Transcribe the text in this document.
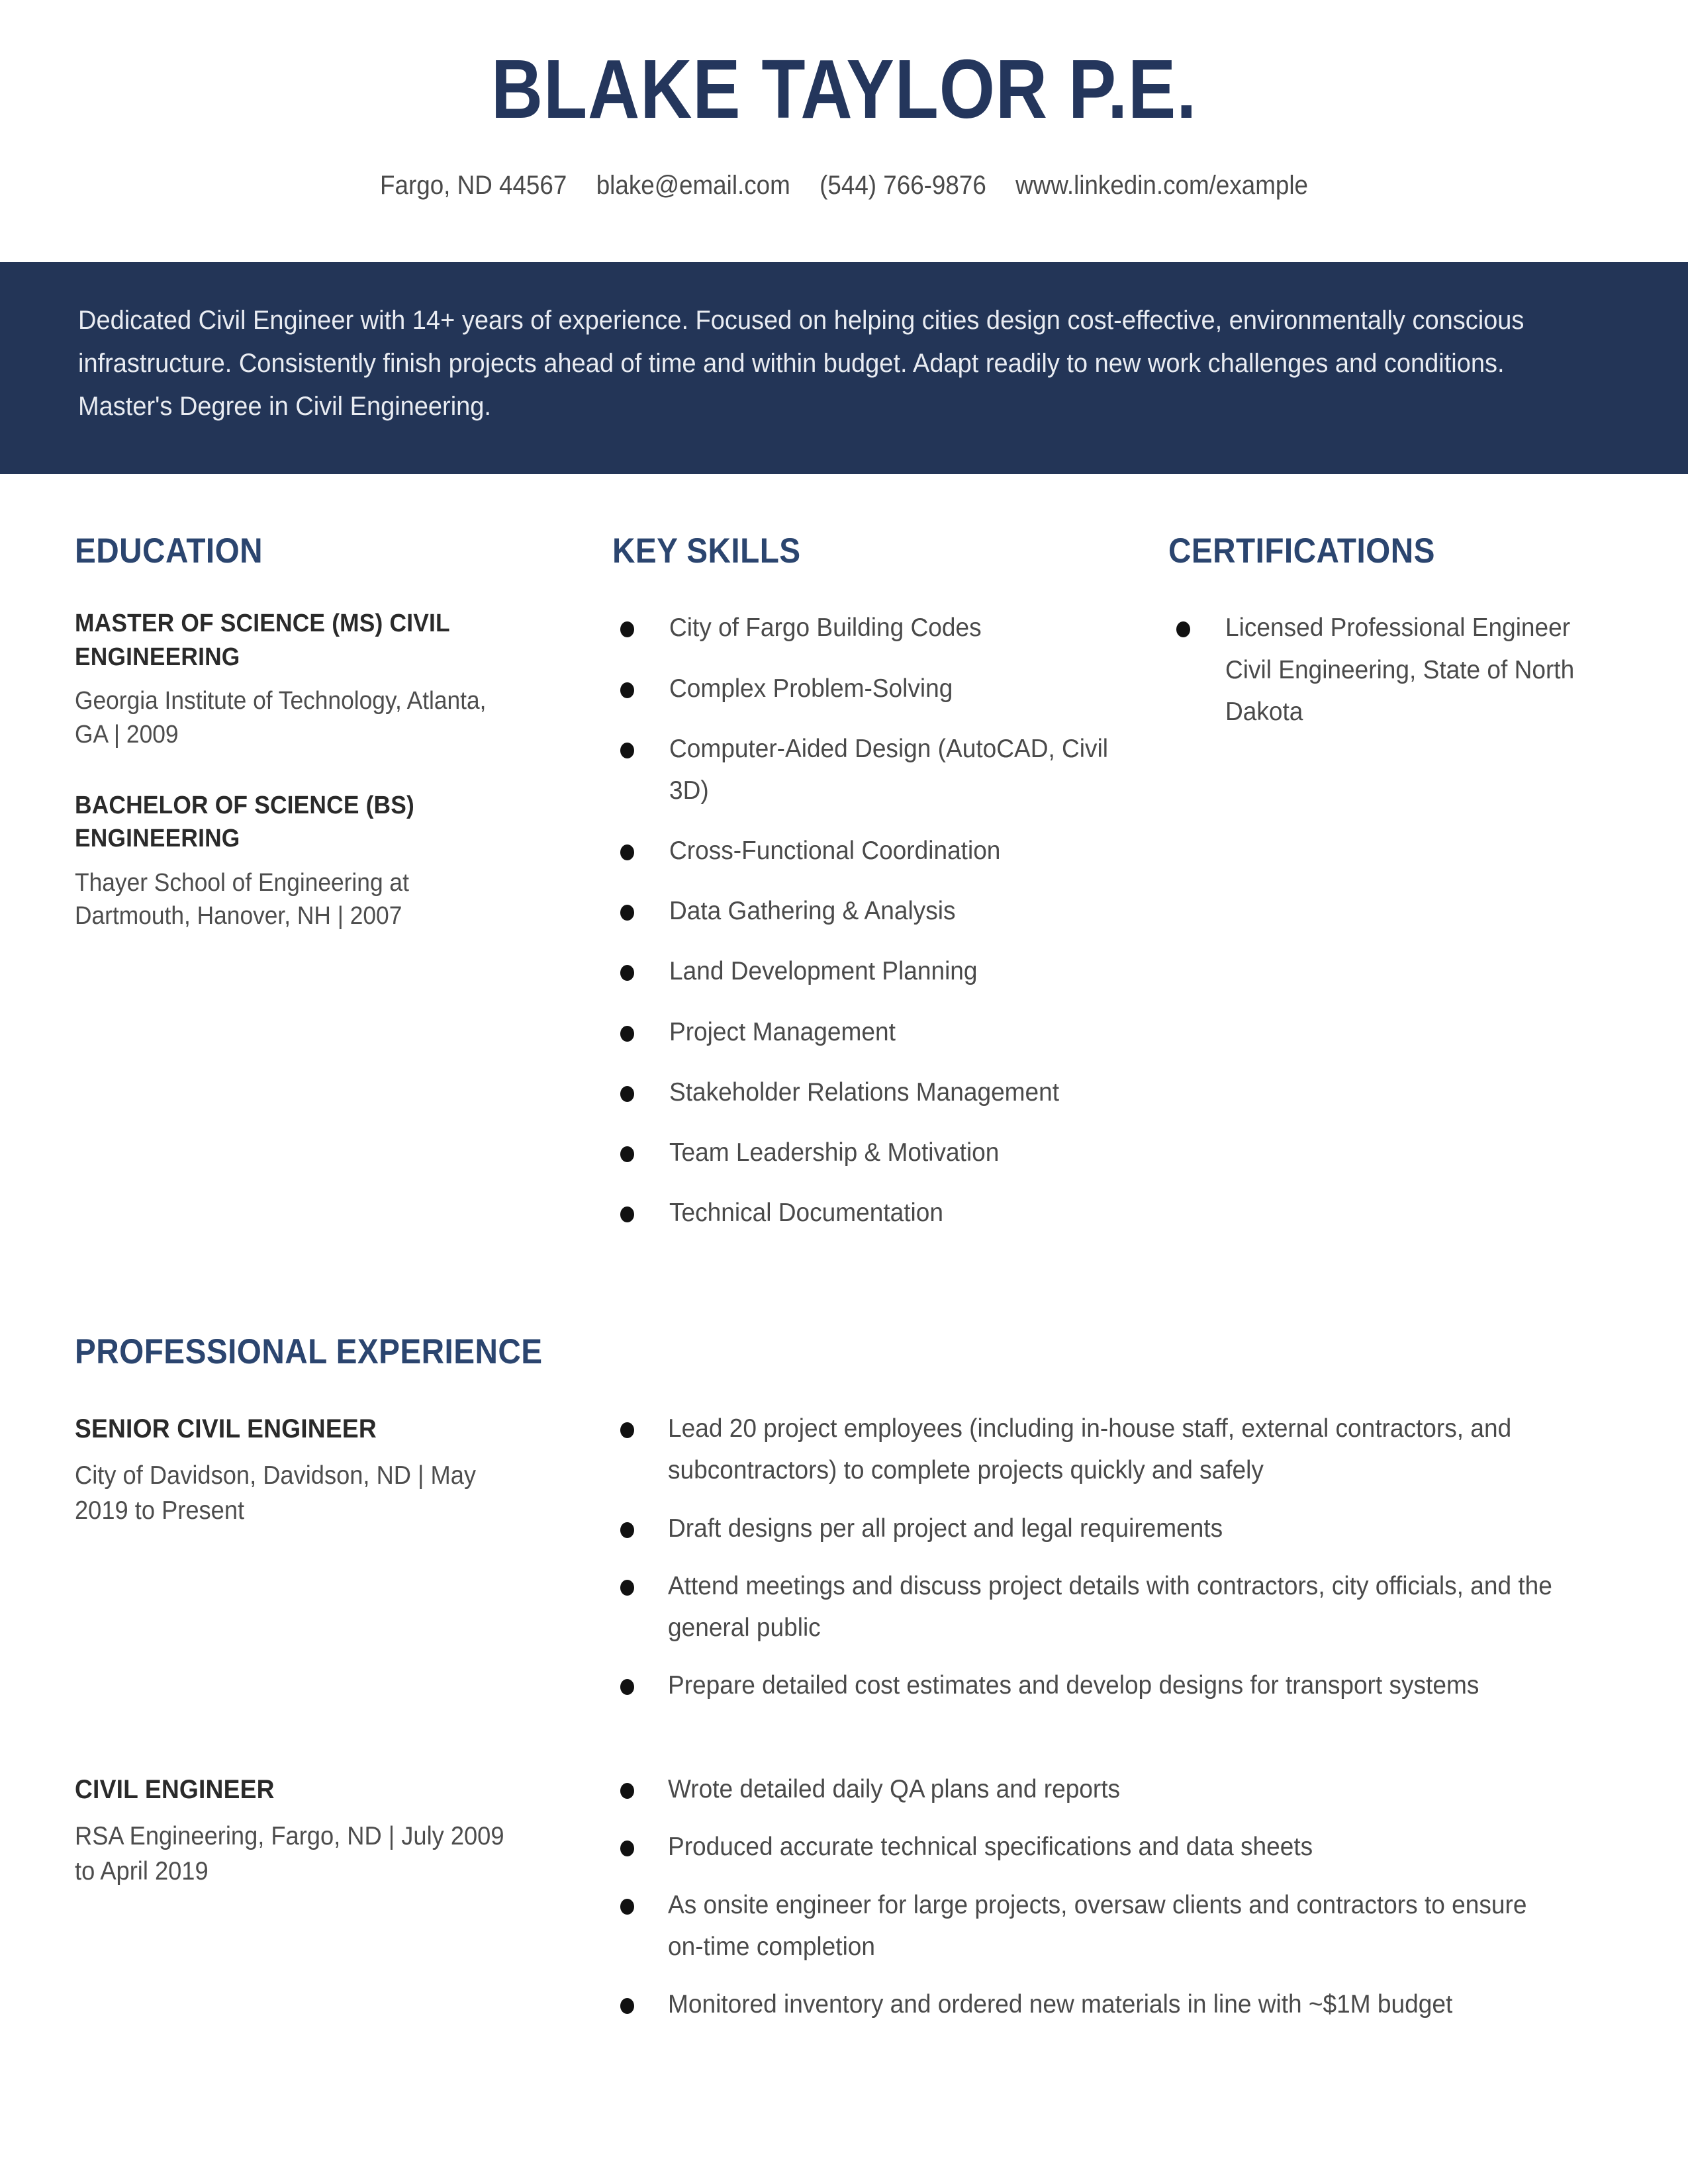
BLAKE TAYLOR P.E.
Fargo, ND 44567 blake@email.com (544) 766-9876 www.linkedin.com/example
Dedicated Civil Engineer with 14+ years of experience. Focused on helping cities design cost-effective, environmentally conscious infrastructure. Consistently finish projects ahead of time and within budget. Adapt readily to new work challenges and conditions. Master's Degree in Civil Engineering.
EDUCATION
MASTER OF SCIENCE (MS) CIVIL ENGINEERING
Georgia Institute of Technology, Atlanta, GA | 2009
BACHELOR OF SCIENCE (BS) ENGINEERING
Thayer School of Engineering at Dartmouth, Hanover, NH | 2007
KEY SKILLS
City of Fargo Building Codes
Complex Problem-Solving
Computer-Aided Design (AutoCAD, Civil 3D)
Cross-Functional Coordination
Data Gathering & Analysis
Land Development Planning
Project Management
Stakeholder Relations Management
Team Leadership & Motivation
Technical Documentation
CERTIFICATIONS
Licensed Professional Engineer Civil Engineering, State of North Dakota
PROFESSIONAL EXPERIENCE
SENIOR CIVIL ENGINEER
City of Davidson, Davidson, ND | May 2019 to Present
Lead 20 project employees (including in-house staff, external contractors, and subcontractors) to complete projects quickly and safely
Draft designs per all project and legal requirements
Attend meetings and discuss project details with contractors, city officials, and the general public
Prepare detailed cost estimates and develop designs for transport systems
CIVIL ENGINEER
RSA Engineering, Fargo, ND | July 2009 to April 2019
Wrote detailed daily QA plans and reports
Produced accurate technical specifications and data sheets
As onsite engineer for large projects, oversaw clients and contractors to ensure on-time completion
Monitored inventory and ordered new materials in line with ~$1M budget
